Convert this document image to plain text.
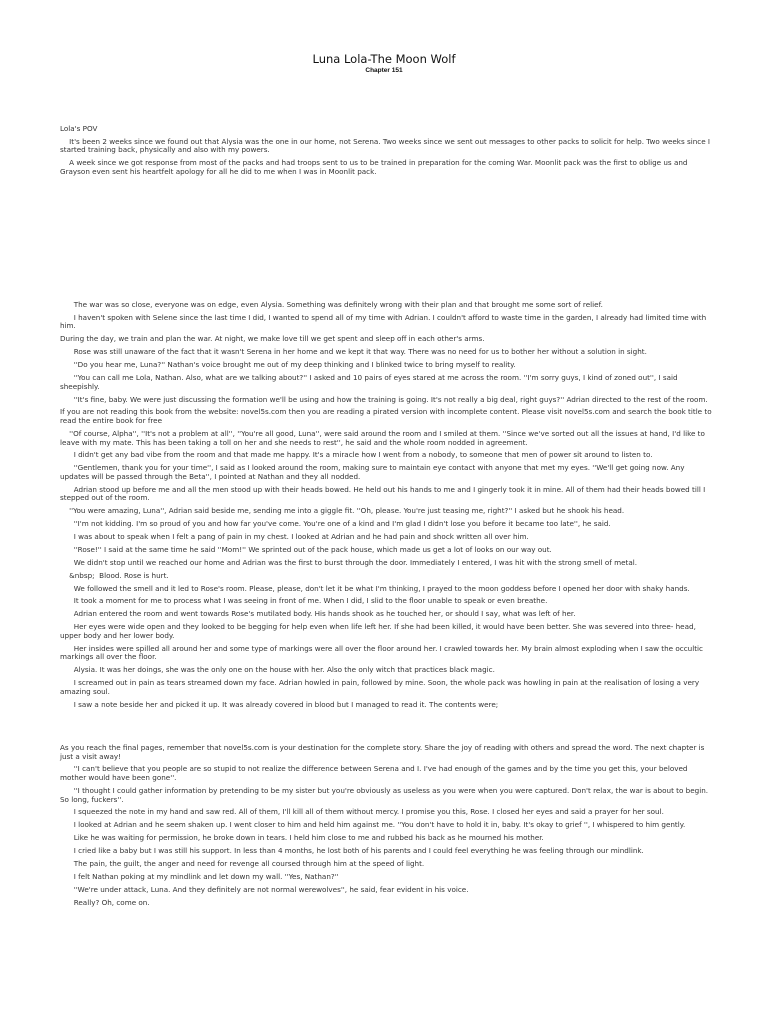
Luna Lola-The Moon Wolf
Chapter 151

Lola's POV

It's been 2 weeks since we found out that Alysia was the one in our home, not Serena. Two weeks since we sent out messages to other packs to solicit for help. Two weeks since I started training back, physically and also with my powers.

A week since we got response from most of the packs and had troops sent to us to be trained in preparation for the coming War. Moonlit pack was the first to oblige us and Grayson even sent his heartfelt apology for all he did to me when I was in Moonlit pack.

The war was so close, everyone was on edge, even Alysia. Something was definitely wrong with their plan and that brought me some sort of relief.

I haven't spoken with Selene since the last time I did, I wanted to spend all of my time with Adrian. I couldn't afford to waste time in the garden, I already had limited time with him.

During the day, we train and plan the war. At night, we make love till we get spent and sleep off in each other's arms.

Rose was still unaware of the fact that it wasn't Serena in her home and we kept it that way. There was no need for us to bother her without a solution in sight.

''Do you hear me, Luna?'' Nathan's voice brought me out of my deep thinking and I blinked twice to bring myself to reality.

''You can call me Lola, Nathan. Also, what are we talking about?'' I asked and 10 pairs of eyes stared at me across the room. ''I'm sorry guys, I kind of zoned out'', I said sheepishly.

''It's fine, baby. We were just discussing the formation we'll be using and how the training is going. It's not really a big deal, right guys?'' Adrian directed to the rest of the room.

If you are not reading this book from the website: novel5s.com then you are reading a pirated version with incomplete content. Please visit novel5s.com and search the book title to read the entire book for free

''Of course, Alpha'', ''It's not a problem at all'', ''You're all good, Luna'', were said around the room and I smiled at them. ''Since we've sorted out all the issues at hand, I'd like to leave with my mate. This has been taking a toll on her and she needs to rest'', he said and the whole room nodded in agreement.

I didn't get any bad vibe from the room and that made me happy. It's a miracle how I went from a nobody, to someone that men of power sit around to listen to.

''Gentlemen, thank you for your time'', I said as I looked around the room, making sure to maintain eye contact with anyone that met my eyes. ''We'll get going now. Any updates will be passed through the Beta'', I pointed at Nathan and they all nodded.

Adrian stood up before me and all the men stood up with their heads bowed. He held out his hands to me and I gingerly took it in mine. All of them had their heads bowed till I stepped out of the room.

''You were amazing, Luna'', Adrian said beside me, sending me into a giggle fit. ''Oh, please. You're just teasing me, right?'' I asked but he shook his head.

''I'm not kidding. I'm so proud of you and how far you've come. You're one of a kind and I'm glad I didn't lose you before it became too late'', he said.

I was about to speak when I felt a pang of pain in my chest. I looked at Adrian and he had pain and shock written all over him.

''Rose!'' I said at the same time he said ''Mom!'' We sprinted out of the pack house, which made us get a lot of looks on our way out.

We didn't stop until we reached our home and Adrian was the first to burst through the door. Immediately I entered, I was hit with the strong smell of metal.

&nbsp;  Blood. Rose is hurt.

We followed the smell and it led to Rose's room. Please, please, don't let it be what I'm thinking, I prayed to the moon goddess before I opened her door with shaky hands.

It took a moment for me to process what I was seeing in front of me. When I did, I slid to the floor unable to speak or even breathe.

Adrian entered the room and went towards Rose's mutilated body. His hands shook as he touched her, or should I say, what was left of her.

Her eyes were wide open and they looked to be begging for help even when life left her. If she had been killed, it would have been better. She was severed into three- head, upper body and her lower body.

Her insides were spilled all around her and some type of markings were all over the floor around her. I crawled towards her. My brain almost exploding when I saw the occultic markings all over the floor.

Alysia. It was her doings, she was the only one on the house with her. Also the only witch that practices black magic.

I screamed out in pain as tears streamed down my face. Adrian howled in pain, followed by mine. Soon, the whole pack was howling in pain at the realisation of losing a very amazing soul.

I saw a note beside her and picked it up. It was already covered in blood but I managed to read it. The contents were;

As you reach the final pages, remember that novel5s.com is your destination for the complete story. Share the joy of reading with others and spread the word. The next chapter is just a visit away!

''I can't believe that you people are so stupid to not realize the difference between Serena and I. I've had enough of the games and by the time you get this, your beloved mother would have been gone''.

''I thought I could gather information by pretending to be my sister but you're obviously as useless as you were when you were captured. Don't relax, the war is about to begin. So long, fuckers''.

I squeezed the note in my hand and saw red. All of them, I'll kill all of them without mercy. I promise you this, Rose. I closed her eyes and said a prayer for her soul.

I looked at Adrian and he seem shaken up. I went closer to him and held him against me. ''You don't have to hold it in, baby. It's okay to grief '', I whispered to him gently.

Like he was waiting for permission, he broke down in tears. I held him close to me and rubbed his back as he mourned his mother.

I cried like a baby but I was still his support. In less than 4 months, he lost both of his parents and I could feel everything he was feeling through our mindlink.

The pain, the guilt, the anger and need for revenge all coursed through him at the speed of light.

I felt Nathan poking at my mindlink and let down my wall. ''Yes, Nathan?''

''We're under attack, Luna. And they definitely are not normal werewolves'', he said, fear evident in his voice.

Really? Oh, come on.
